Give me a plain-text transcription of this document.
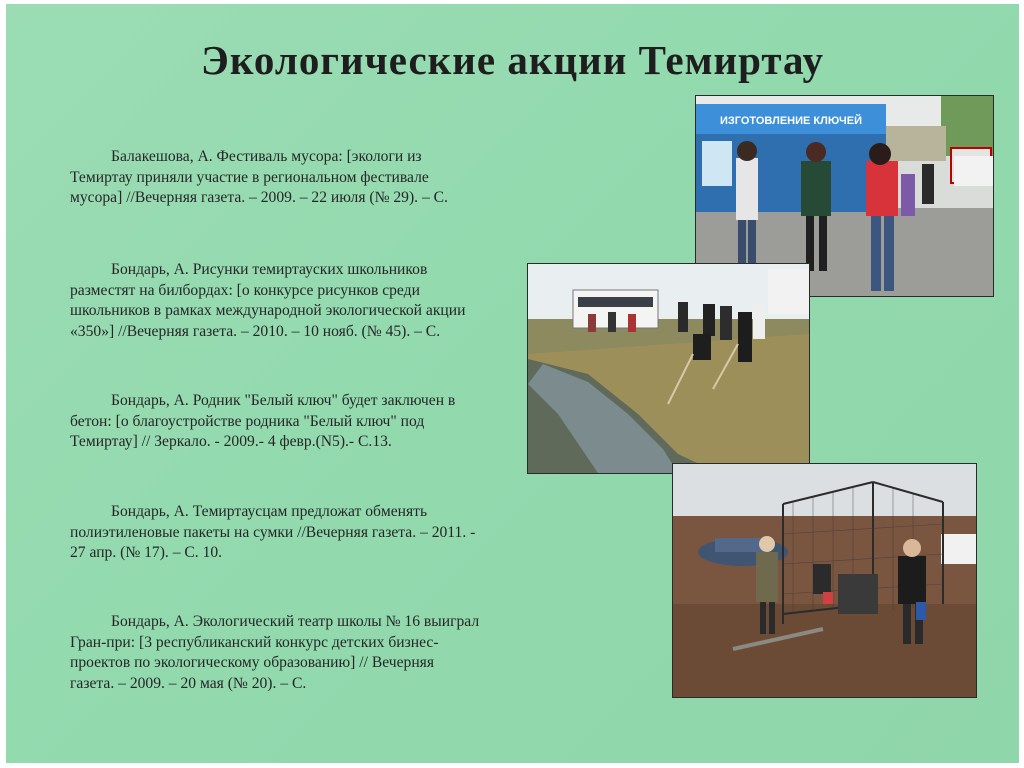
Экологические акции Темиртау

Балакешова, А. Фестиваль мусора: [экологи из Темиртау приняли участие в региональном фестивале мусора] //Вечерняя газета. – 2009. – 22 июля (№ 29). – С.

Бондарь, А. Рисунки темиртауских школьников разместят на билбордах: [о конкурсе рисунков среди школьников в рамках международной экологической акции «350»] //Вечерняя газета. – 2010. – 10 нояб. (№ 45). – С.

Бондарь, А. Родник "Белый ключ" будет заключен в бетон: [о благоустройстве родника "Белый ключ" под Темиртау] // Зеркало. - 2009.- 4 февр.(N5).- С.13.

Бондарь, А. Темиртаусцам предложат обменять полиэтиленовые пакеты на сумки //Вечерняя газета. – 2011. - 27 апр. (№ 17). – С. 10.

Бондарь, А. Экологический театр школы № 16 выиграл Гран-при: [3 республиканский конкурс детских бизнес-проектов по экологическому образованию] // Вечерняя газета. – 2009. – 20 мая (№ 20). – С.

ИЗГОТОВЛЕНИЕ КЛЮЧЕЙ
